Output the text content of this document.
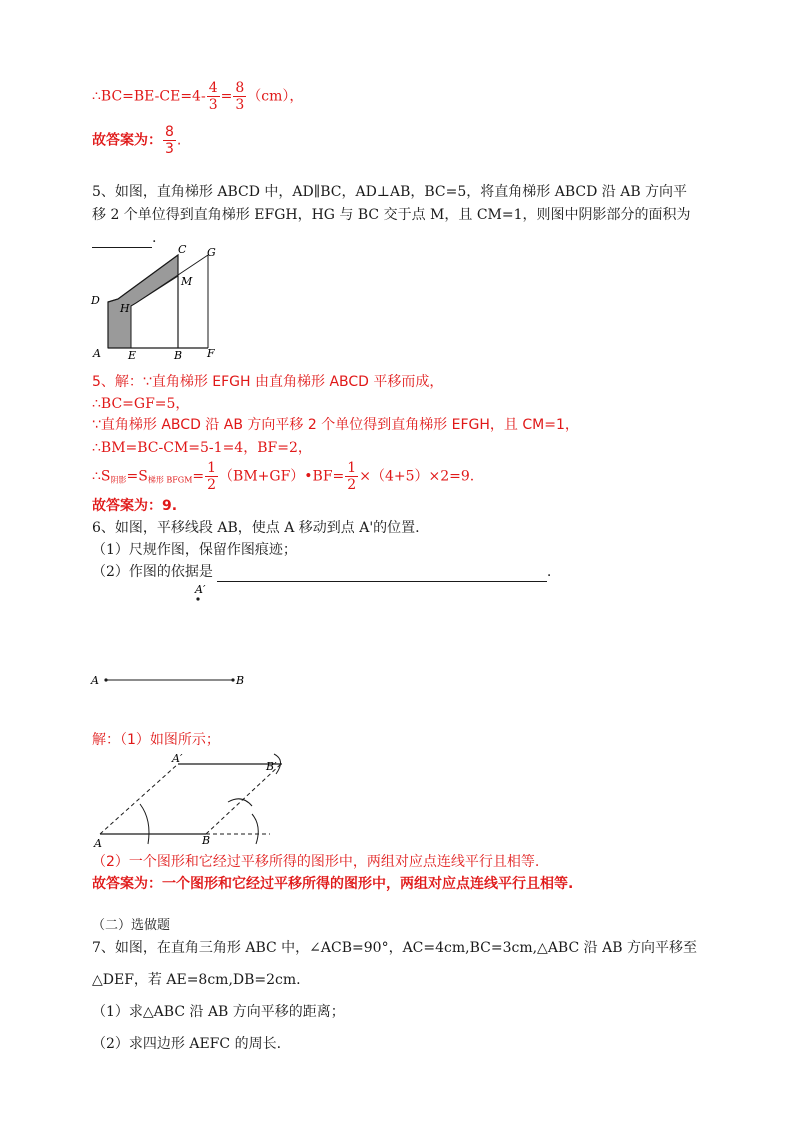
∴BC=BE-CE=4- $\frac{4}{3} = \frac{8}{3} (cm)$，
故答案为： $\frac{8}{3}$ .
5、如图，直角梯形 ABCD 中，AD∥BC，AD⊥AB，BC=5，将直角梯形 ABCD 沿 AB 方向平
移 2 个单位得到直角梯形 EFGH，HG 与 BC 交于点 M，且 CM=1，则图中阴影部分的面积为
.
C G
M
D
H
A E	B F
5、解：∵直角梯形 EFGH 由直角梯形 ABCD 平移而成，
∴BC=GF=5，
∵直角梯形 ABCD 沿 AB 方向平移 2 个单位得到直角梯形 EFGH，且 CM=1，
∴BM=BC-CM=5-1=4，BF=2，
$\therefore S_{阴影}=S_{梯形 BFGM}= \frac{1}{2}$ （BM+GF）•BF= $\frac{1}{2} \times(4+5)\times 2=9$.
故答案为：9.
6、如图，平移线段 AB，使点 A 移动到点 A'的位置.
（1）尺规作图，保留作图痕迹；
（2）作图的依据是	.
A′
A	B
解：（1）如图所示；
A′
B′
A	B
（2）一个图形和它经过平移所得的图形中，两组对应点连线平行且相等.
故答案为：一个图形和它经过平移所得的图形中，两组对应点连线平行且相等.
（二）选做题
7、如图，在直角三角形 ABC 中，∠ACB=90°，AC=4cm,BC=3cm,△ABC 沿 AB 方向平移至
△DEF，若 AE=8cm,DB=2cm.
（1）求△ABC 沿 AB 方向平移的距离；
（2）求四边形 AEFC 的周长.
